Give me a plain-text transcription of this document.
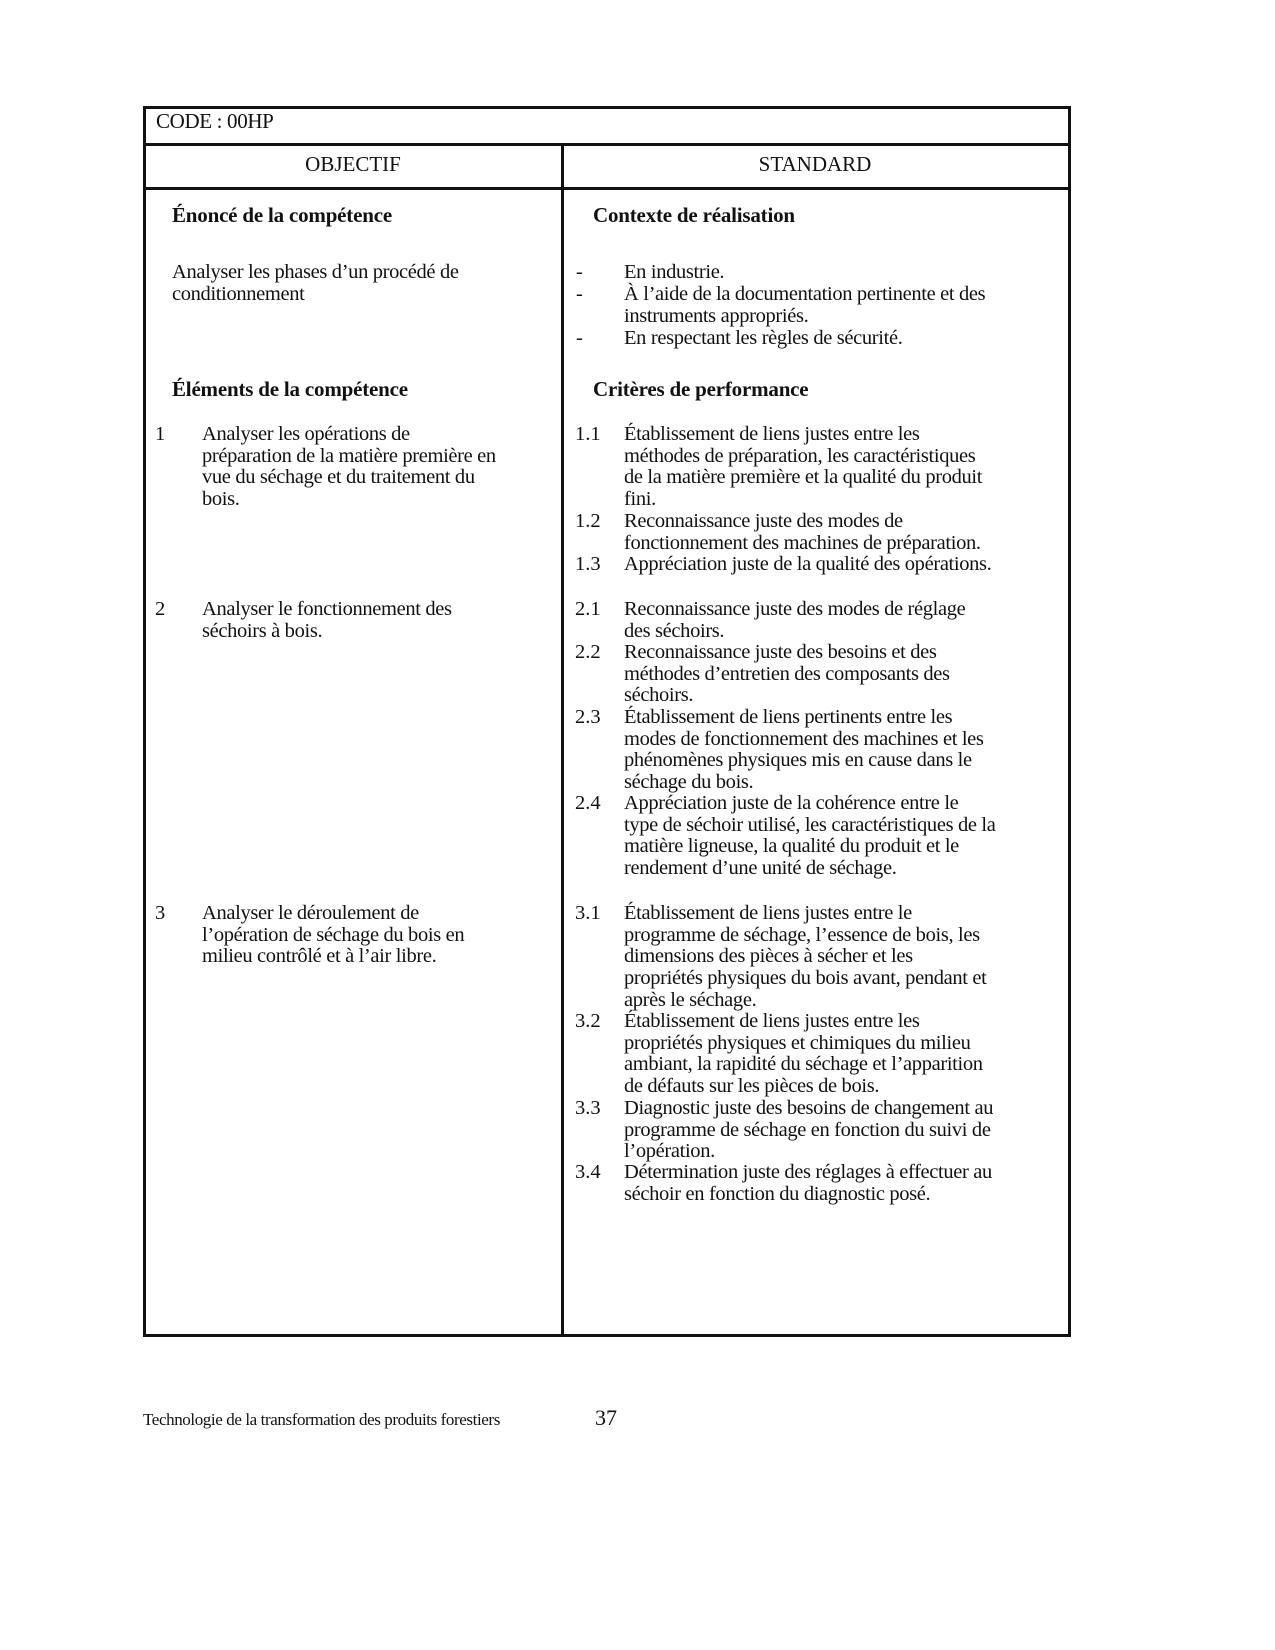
CODE : 00HP
OBJECTIF	STANDARD
Énoncé de la compétence
Éléments de la compétence
Contexte de réalisation
Critères de performance
Analyser les phases d’un procédé de
conditionnement
1 Analyser les opérations de
préparation de la matière première en
vue du séchage et du traitement du
bois.
2 Analyser le fonctionnement des
séchoirs à bois.
3 Analyser le déroulement de
l’opération de séchage du bois en
milieu contrôlé et à l’air libre.
- En industrie.
- À l’aide de la documentation pertinente et des
instruments appropriés.
- En respectant les règles de sécurité.
1.1 Établissement de liens justes entre les
méthodes de préparation, les caractéristiques
de la matière première et la qualité du produit
fini.
1.2 Reconnaissance juste des modes de
fonctionnement des machines de préparation.
1.3 Appréciation juste de la qualité des opérations.
2.1 Reconnaissance juste des modes de réglage
des séchoirs.
2.2 Reconnaissance juste des besoins et des
méthodes d’entretien des composants des
séchoirs.
2.3 Établissement de liens pertinents entre les
modes de fonctionnement des machines et les
phénomènes physiques mis en cause dans le
séchage du bois.
2.4 Appréciation juste de la cohérence entre le
type de séchoir utilisé, les caractéristiques de la
matière ligneuse, la qualité du produit et le
rendement d’une unité de séchage.
3.1 Établissement de liens justes entre le
programme de séchage, l’essence de bois, les
dimensions des pièces à sécher et les
propriétés physiques du bois avant, pendant et
après le séchage.
3.2 Établissement de liens justes entre les
propriétés physiques et chimiques du milieu
ambiant, la rapidité du séchage et l’apparition
de défauts sur les pièces de bois.
3.3 Diagnostic juste des besoins de changement au
programme de séchage en fonction du suivi de
l’opération.
3.4 Détermination juste des réglages à effectuer au
séchoir en fonction du diagnostic posé.
Technologie de la transformation des produits forestiers	37
